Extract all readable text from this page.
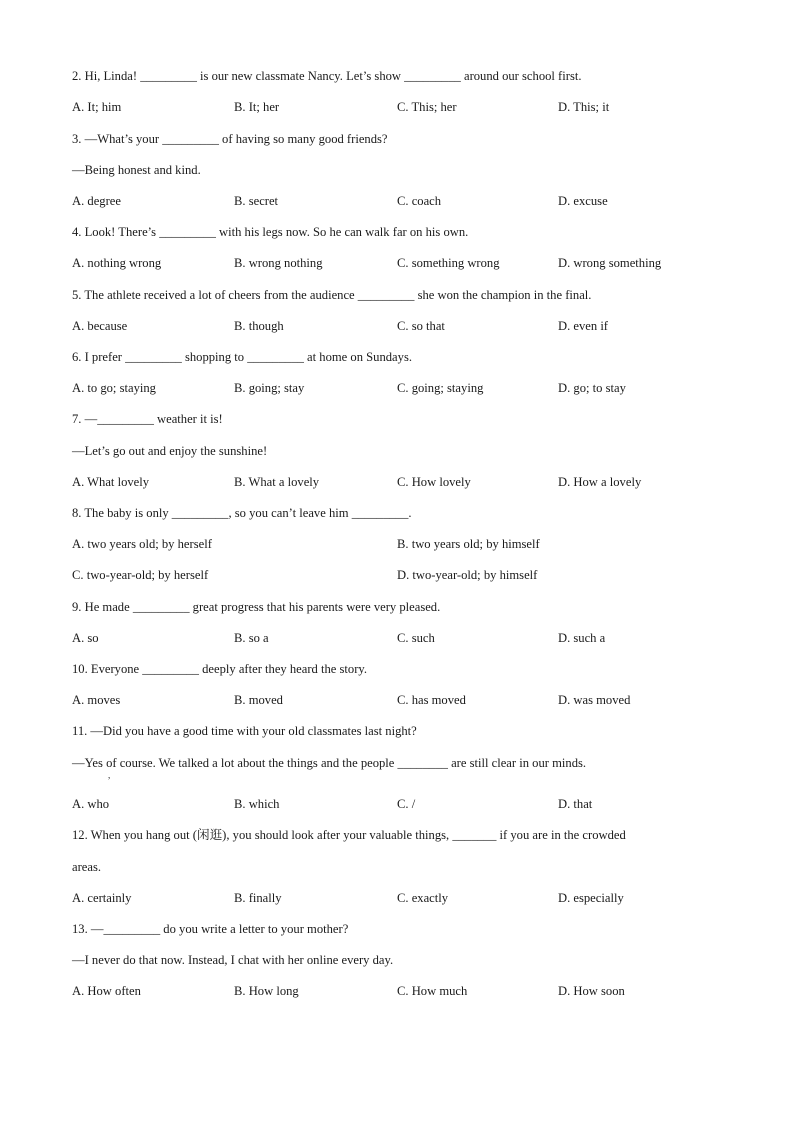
2. Hi, Linda! _________ is our new classmate Nancy. Let’s show _________ around our school first.
A. It; him	B. It; her	C. This; her	D. This; it
3. —What’s your _________ of having so many good friends?
—Being honest and kind.
A. degree	B. secret	C. coach	D. excuse
4. Look! There’s _________ with his legs now. So he can walk far on his own.
A. nothing wrong	B. wrong nothing	C. something wrong	D. wrong something
5. The athlete received a lot of cheers from the audience _________ she won the champion in the final.
A. because	B. though	C. so that	D. even if
6. I prefer _________ shopping to _________ at home on Sundays.
A. to go; staying	B. going; stay	C. going; staying	D. go; to stay
7. —_________ weather it is!
—Let’s go out and enjoy the sunshine!
A. What lovely	B. What a lovely	C. How lovely	D. How a lovely
8. The baby is only _________, so you can’t leave him _________.
A. two years old; by herself	B. two years old; by himself
C. two-year-old; by herself	D. two-year-old; by himself
9. He made _________ great progress that his parents were very pleased.
A. so	B. so a	C. such	D. such a
10. Everyone _________ deeply after they heard the story.
A. moves	B. moved	C. has moved	D. was moved
11. —Did you have a good time with your old classmates last night?
—Yes of course. We talked a lot about the things and the people ________ are still clear in our minds.
,
A. who	B. which	C. /	D. that
12. When you hang out (闲逛), you should look after your valuable things, _______ if you are in the crowded
areas.
A. certainly	B. finally	C. exactly	D. especially
13. —_________ do you write a letter to your mother?
—I never do that now. Instead, I chat with her online every day.
A. How often	B. How long	C. How much	D. How soon
